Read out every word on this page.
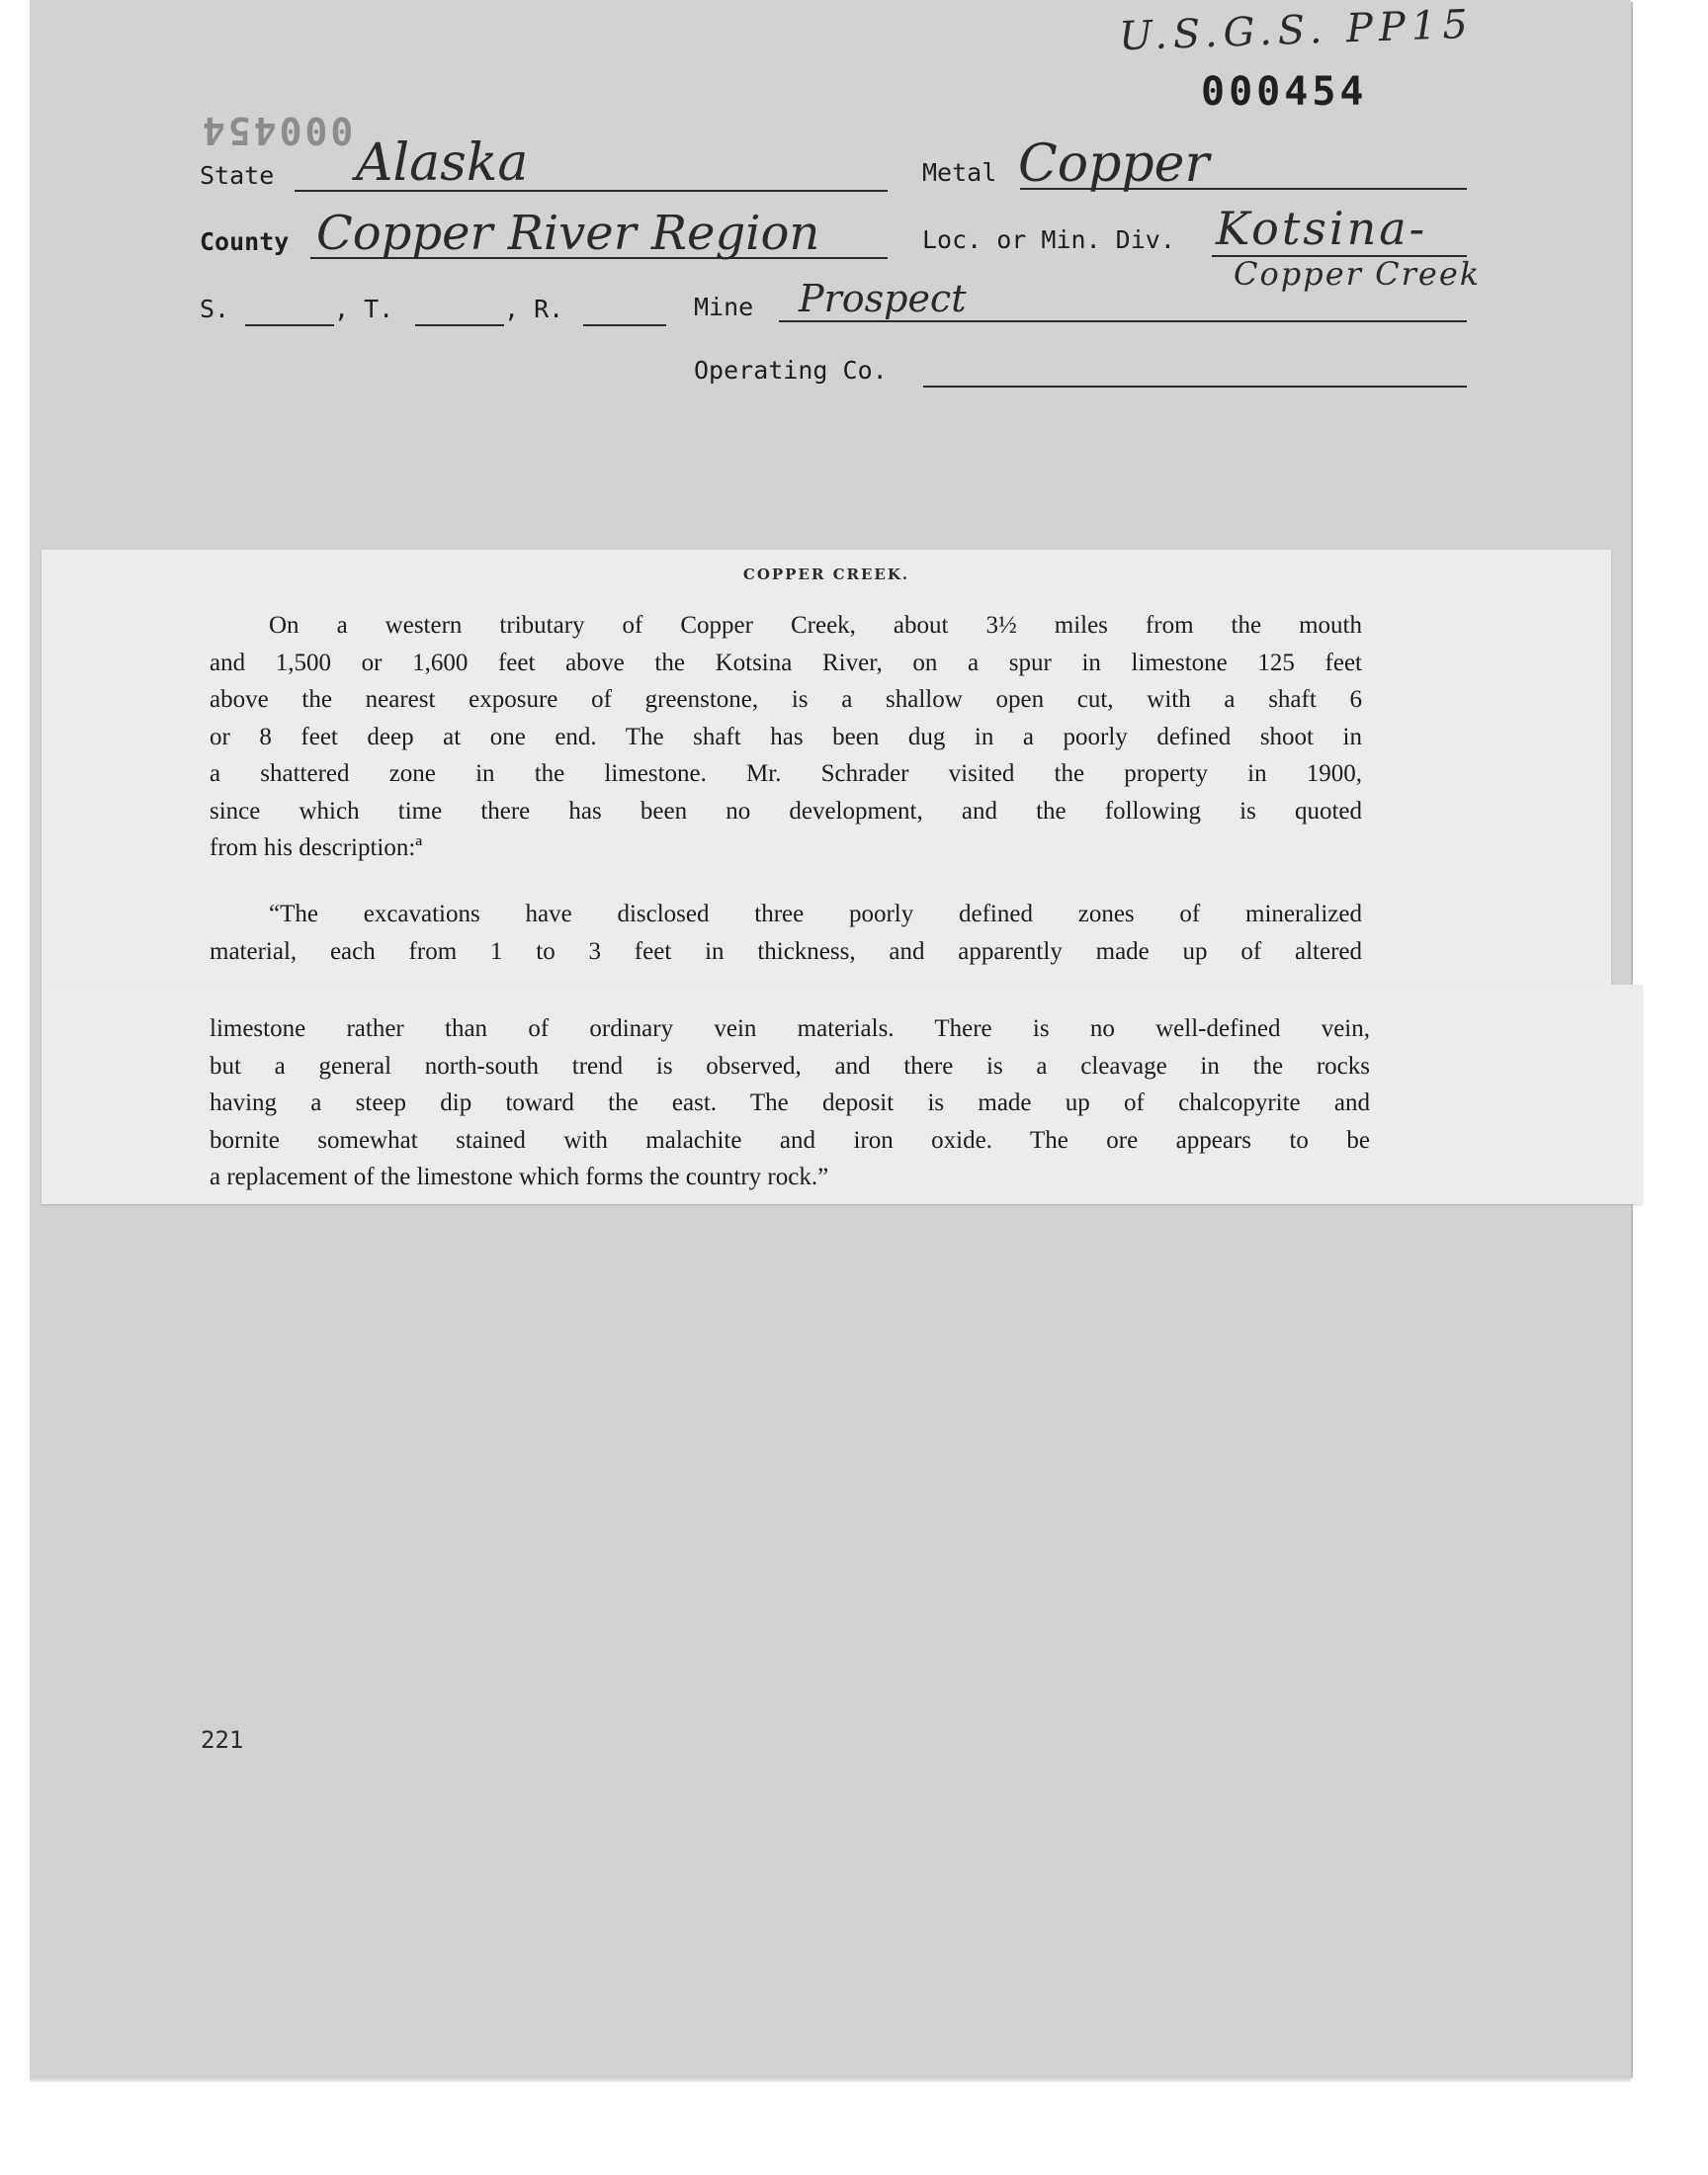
U.S.G.S. PP15
000454
000454
State Alaska	Metal Copper
County Copper River Region	Loc. or Min. Div. Kotsina-
Copper Creek
S.	, T.	, R.	Mine Prospect
Operating Co.
COPPER CREEK.
On a western tributary of Copper Creek, about 3½ miles from the mouth
and 1,500 or 1,600 feet above the Kotsina River, on a spur in limestone 125 feet
above the nearest exposure of greenstone, is a shallow open cut, with a shaft 6
or 8 feet deep at one end. The shaft has been dug in a poorly defined shoot in
a shattered zone in the limestone. Mr. Schrader visited the property in 1900,
since which time there has been no development, and the following is quoted
from his description:ª
“The excavations have disclosed three poorly defined zones of mineralized
material, each from 1 to 3 feet in thickness, and apparently made up of altered
limestone rather than of ordinary vein materials. There is no well-defined vein,
but a general north-south trend is observed, and there is a cleavage in the rocks
having a steep dip toward the east. The deposit is made up of chalcopyrite and
bornite somewhat stained with malachite and iron oxide. The ore appears to be
a replacement of the limestone which forms the country rock.”
221
